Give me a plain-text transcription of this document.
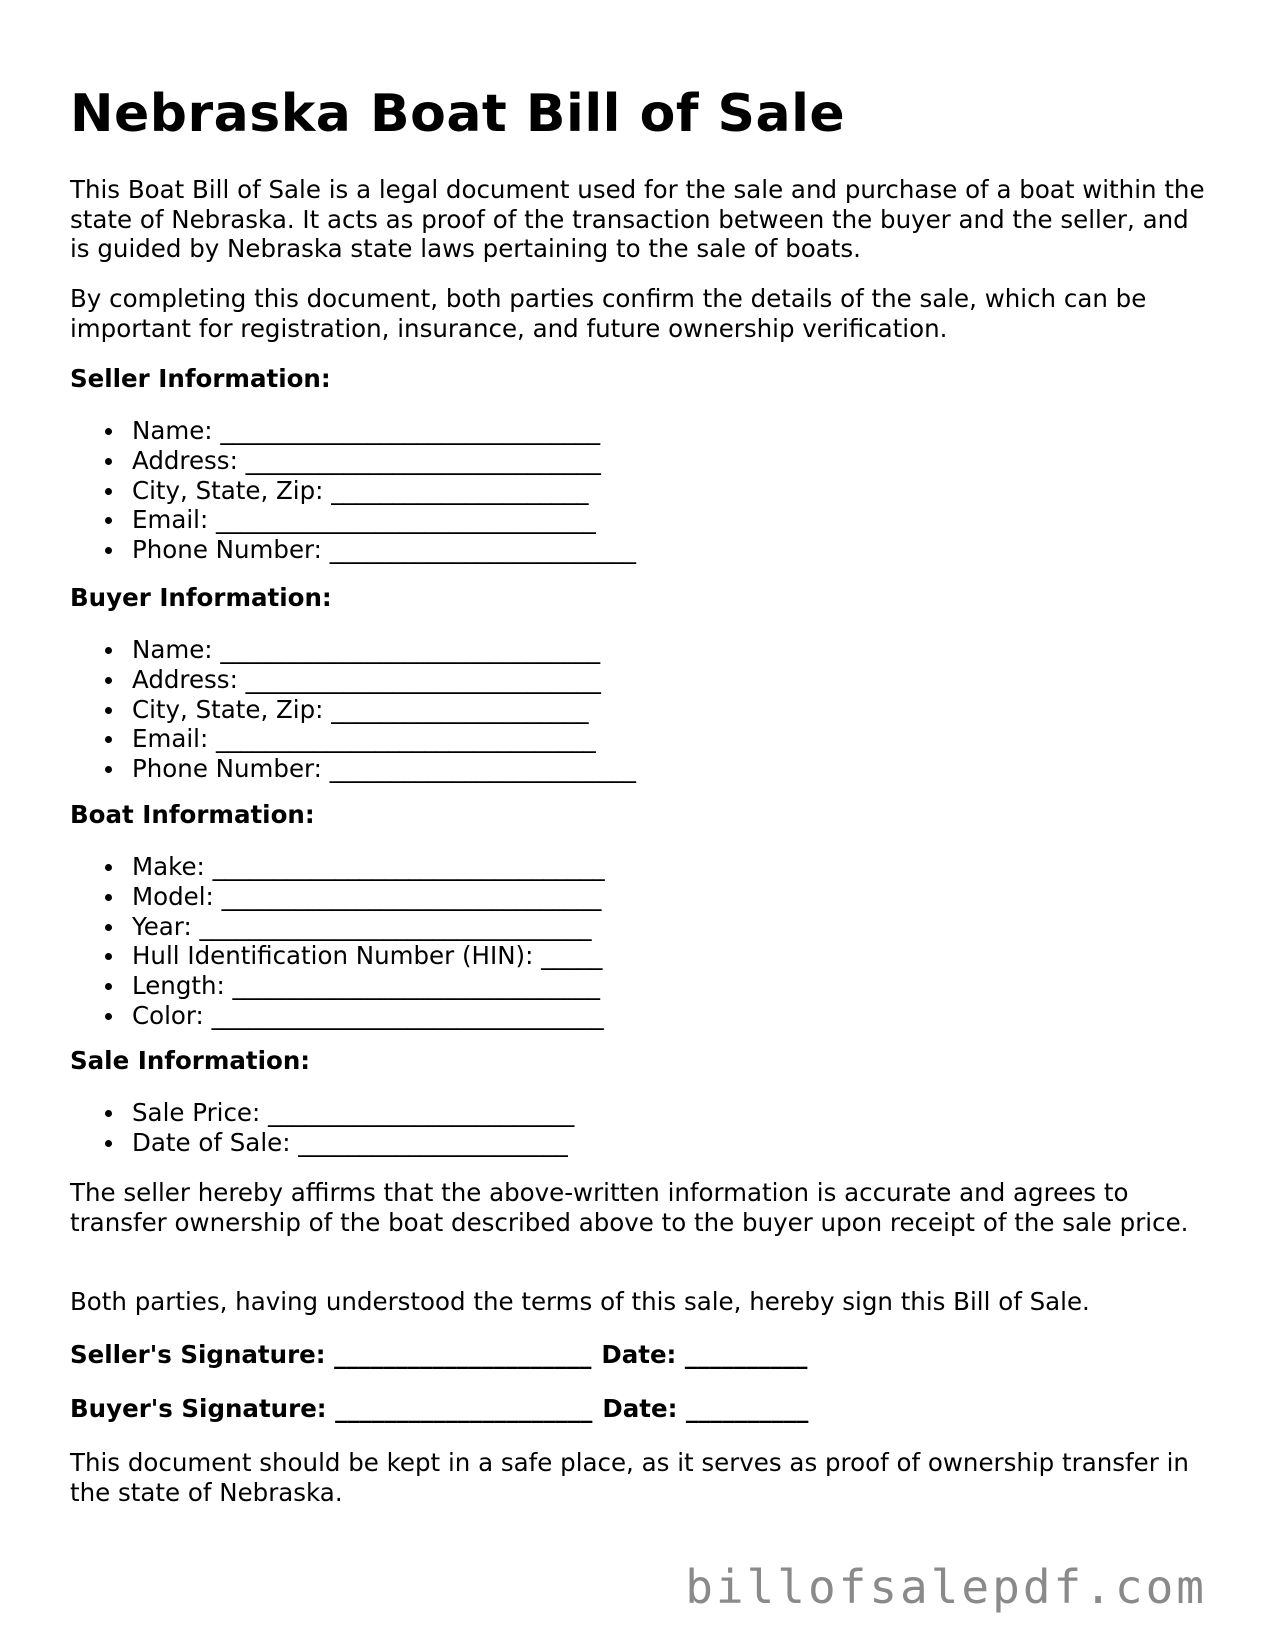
Nebraska Boat Bill of Sale

This Boat Bill of Sale is a legal document used for the sale and purchase of a boat within the state of Nebraska. It acts as proof of the transaction between the buyer and the seller, and is guided by Nebraska state laws pertaining to the sale of boats.

By completing this document, both parties confirm the details of the sale, which can be important for registration, insurance, and future ownership verification.

Seller Information:

Name: _______________________________
Address: _____________________________
City, State, Zip: _____________________
Email: _______________________________
Phone Number: _________________________

Buyer Information:

Name: _______________________________
Address: _____________________________
City, State, Zip: _____________________
Email: _______________________________
Phone Number: _________________________

Boat Information:

Make: ________________________________
Model: _______________________________
Year: ________________________________
Hull Identification Number (HIN): _____
Length: ______________________________
Color: ________________________________

Sale Information:

Sale Price: _________________________
Date of Sale: ______________________

The seller hereby affirms that the above-written information is accurate and agrees to transfer ownership of the boat described above to the buyer upon receipt of the sale price.

Both parties, having understood the terms of this sale, hereby sign this Bill of Sale.

Seller's Signature: _____________________ Date: __________

Buyer's Signature: _____________________ Date: __________

This document should be kept in a safe place, as it serves as proof of ownership transfer in the state of Nebraska.

billofsalepdf.com
